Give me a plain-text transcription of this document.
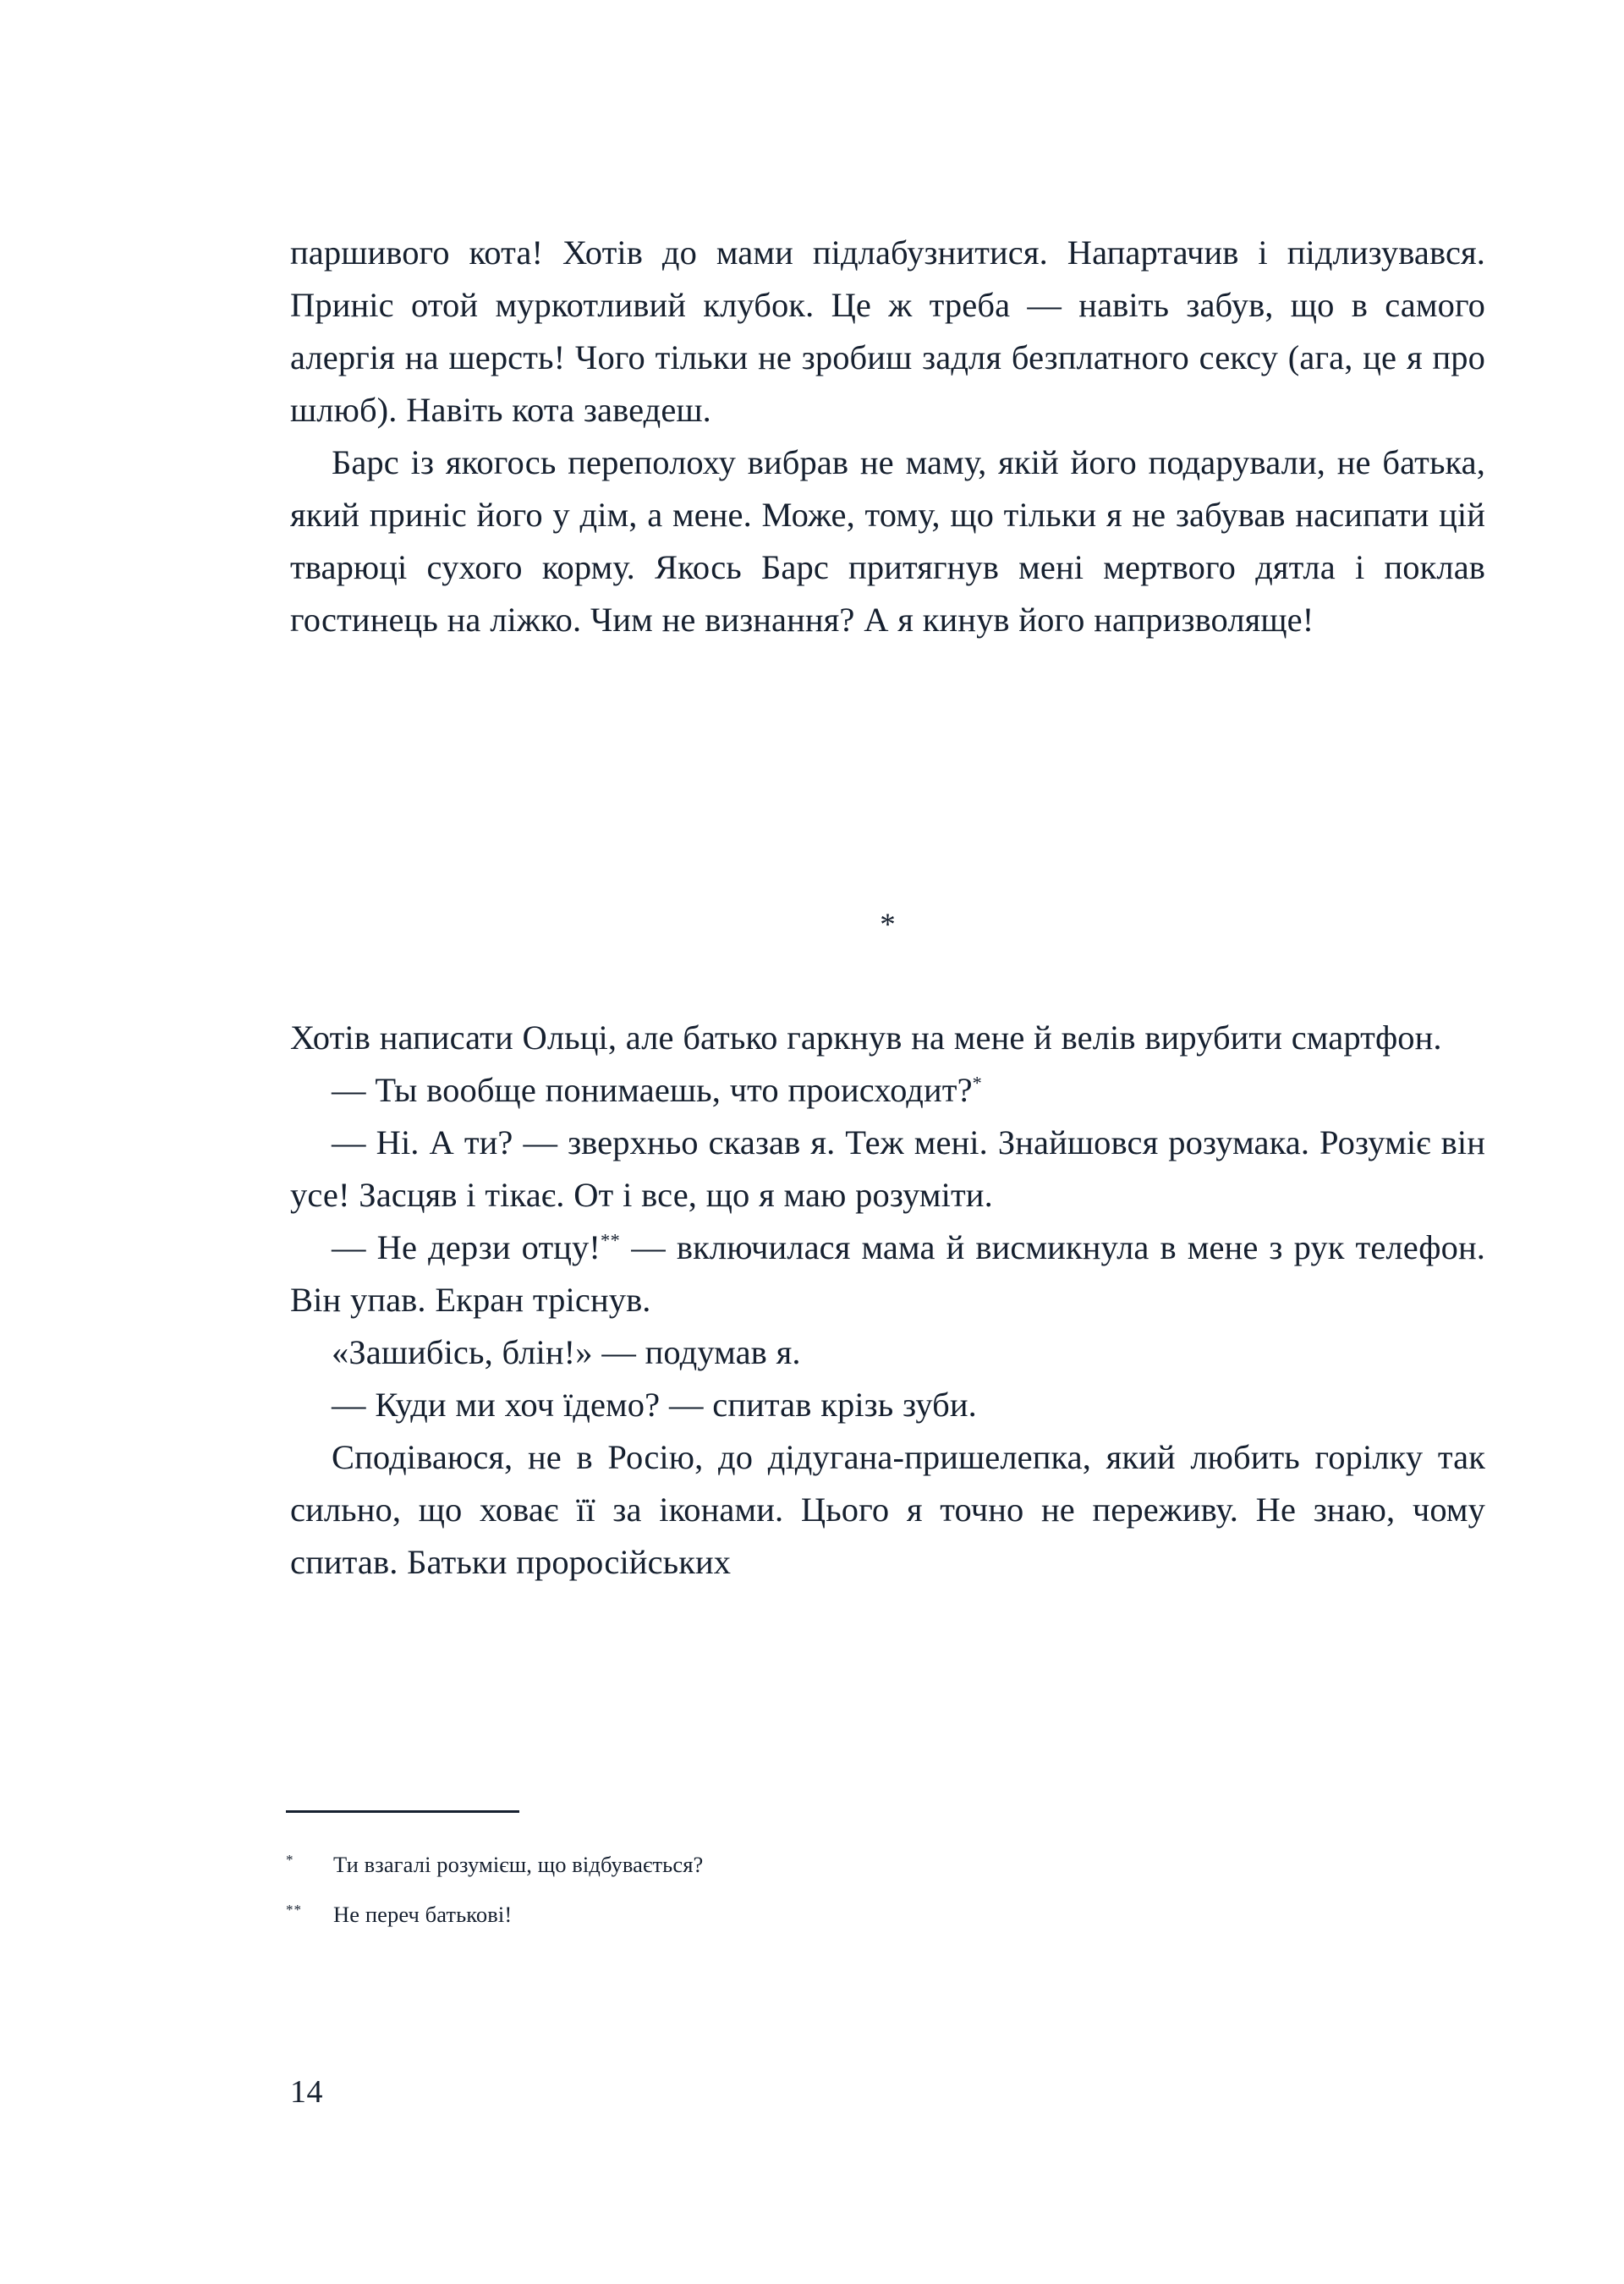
паршивого кота! Хотів до мами підлабузнитися. Напартачив і підлизувався. Приніс отой муркотливий клубок. Це ж треба — навіть забув, що в самого алергія на шерсть! Чого тільки не зробиш задля безплатного сексу (ага, це я про шлюб). Навіть кота заведеш.

Барс із якогось переполоху вибрав не маму, якій його подарували, не батька, який приніс його у дім, а мене. Може, тому, що тільки я не забував насипати цій тварюці сухого корму. Якось Барс притягнув мені мертвого дятла і поклав гостинець на ліжко. Чим не визнання? А я кинув його напризволяще!

*

Хотів написати Ольці, але батько гаркнув на мене й велів вирубити смартфон.

— Ты вообще понимаешь, что происходит?*

— Ні. А ти? — зверхньо сказав я. Теж мені. Знайшовся розумака. Розуміє він усе! Засцяв і тікає. От і все, що я маю розуміти.

— Не дерзи отцу!** — включилася мама й висмикнула в мене з рук телефон. Він упав. Екран тріснув.

«Зашибісь, блін!» — подумав я.

— Куди ми хоч їдемо? — спитав крізь зуби.

Сподіваюся, не в Росію, до дідугана-пришелепка, який любить горілку так сильно, що ховає її за іконами. Цього я точно не переживу. Не знаю, чому спитав. Батьки проросійських

*	Ти взагалі розумієш, що відбувається?
**	Не переч батькові!
14
